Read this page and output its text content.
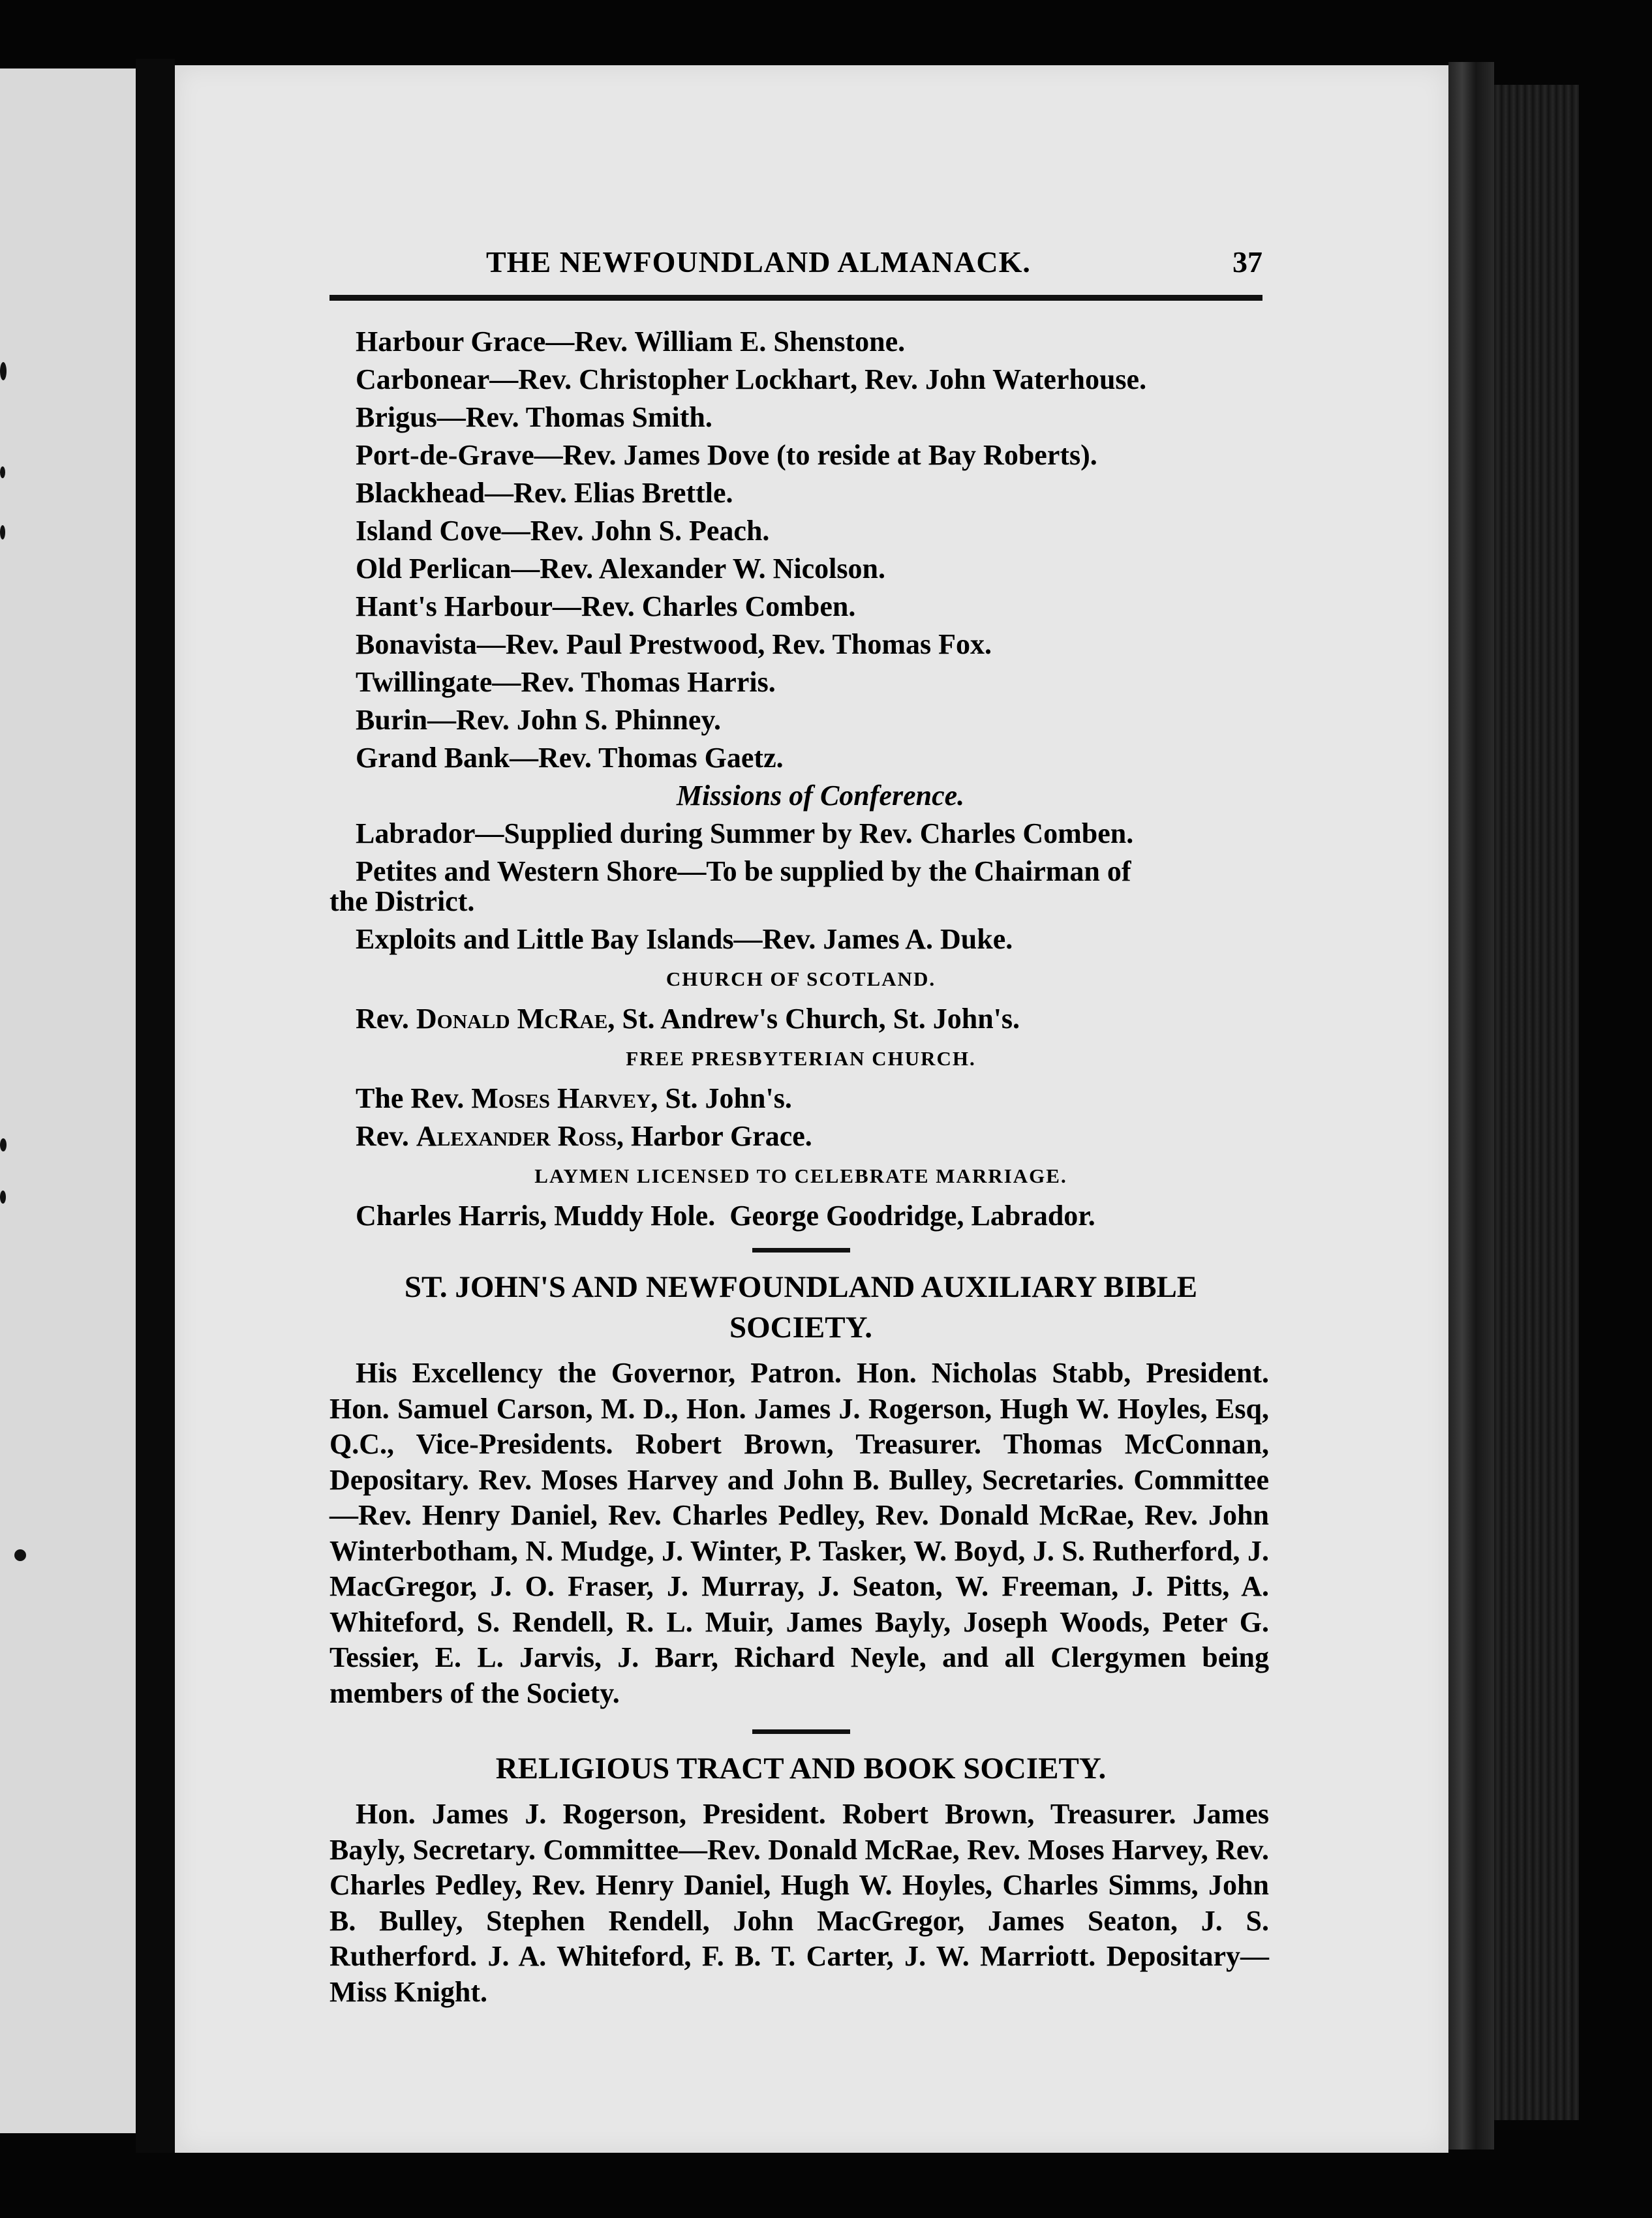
THE NEWFOUNDLAND ALMANACK.	37
Harbour Grace—Rev. William E. Shenstone.
Carbonear—Rev. Christopher Lockhart, Rev. John Waterhouse.
Brigus—Rev. Thomas Smith.
Port-de-Grave—Rev. James Dove (to reside at Bay Roberts).
Blackhead—Rev. Elias Brettle.
Island Cove—Rev. John S. Peach.
Old Perlican—Rev. Alexander W. Nicolson.
Hant's Harbour—Rev. Charles Comben.
Bonavista—Rev. Paul Prestwood, Rev. Thomas Fox.
Twillingate—Rev. Thomas Harris.
Burin—Rev. John S. Phinney.
Grand Bank—Rev. Thomas Gaetz.
Missions of Conference.
Labrador—Supplied during Summer by Rev. Charles Comben.
Petites and Western Shore—To be supplied by the Chairman of
the District.
Exploits and Little Bay Islands—Rev. James A. Duke.
CHURCH OF SCOTLAND.
Rev. Donald McRae, St. Andrew's Church, St. John's.
FREE PRESBYTERIAN CHURCH.
The Rev. Moses Harvey, St. John's.
Rev. Alexander Ross, Harbor Grace.
LAYMEN LICENSED TO CELEBRATE MARRIAGE.
Charles Harris, Muddy Hole.  George Goodridge, Labrador.
ST. JOHN'S AND NEWFOUNDLAND AUXILIARY BIBLE
SOCIETY.
His Excellency the Governor, Patron. Hon. Nicholas Stabb, President. Hon. Samuel Carson, M. D., Hon. James J. Rogerson, Hugh W. Hoyles, Esq, Q.C., Vice-Presidents. Robert Brown, Treasurer. Thomas McConnan, Depositary. Rev. Moses Harvey and John B. Bulley, Secretaries. Committee—Rev. Henry Daniel, Rev. Charles Pedley, Rev. Donald McRae, Rev. John Winterbotham, N. Mudge, J. Winter, P. Tasker, W. Boyd, J. S. Rutherford, J. MacGregor, J. O. Fraser, J. Murray, J. Seaton, W. Freeman, J. Pitts, A. Whiteford, S. Rendell, R. L. Muir, James Bayly, Joseph Woods, Peter G. Tessier, E. L. Jarvis, J. Barr, Richard Neyle, and all Clergymen being members of the Society.
RELIGIOUS TRACT AND BOOK SOCIETY.
Hon. James J. Rogerson, President. Robert Brown, Treasurer. James Bayly, Secretary. Committee—Rev. Donald McRae, Rev. Moses Harvey, Rev. Charles Pedley, Rev. Henry Daniel, Hugh W. Hoyles, Charles Simms, John B. Bulley, Stephen Rendell, John MacGregor, James Seaton, J. S. Rutherford. J. A. Whiteford, F. B. T. Carter, J. W. Marriott. Depositary—Miss Knight.
